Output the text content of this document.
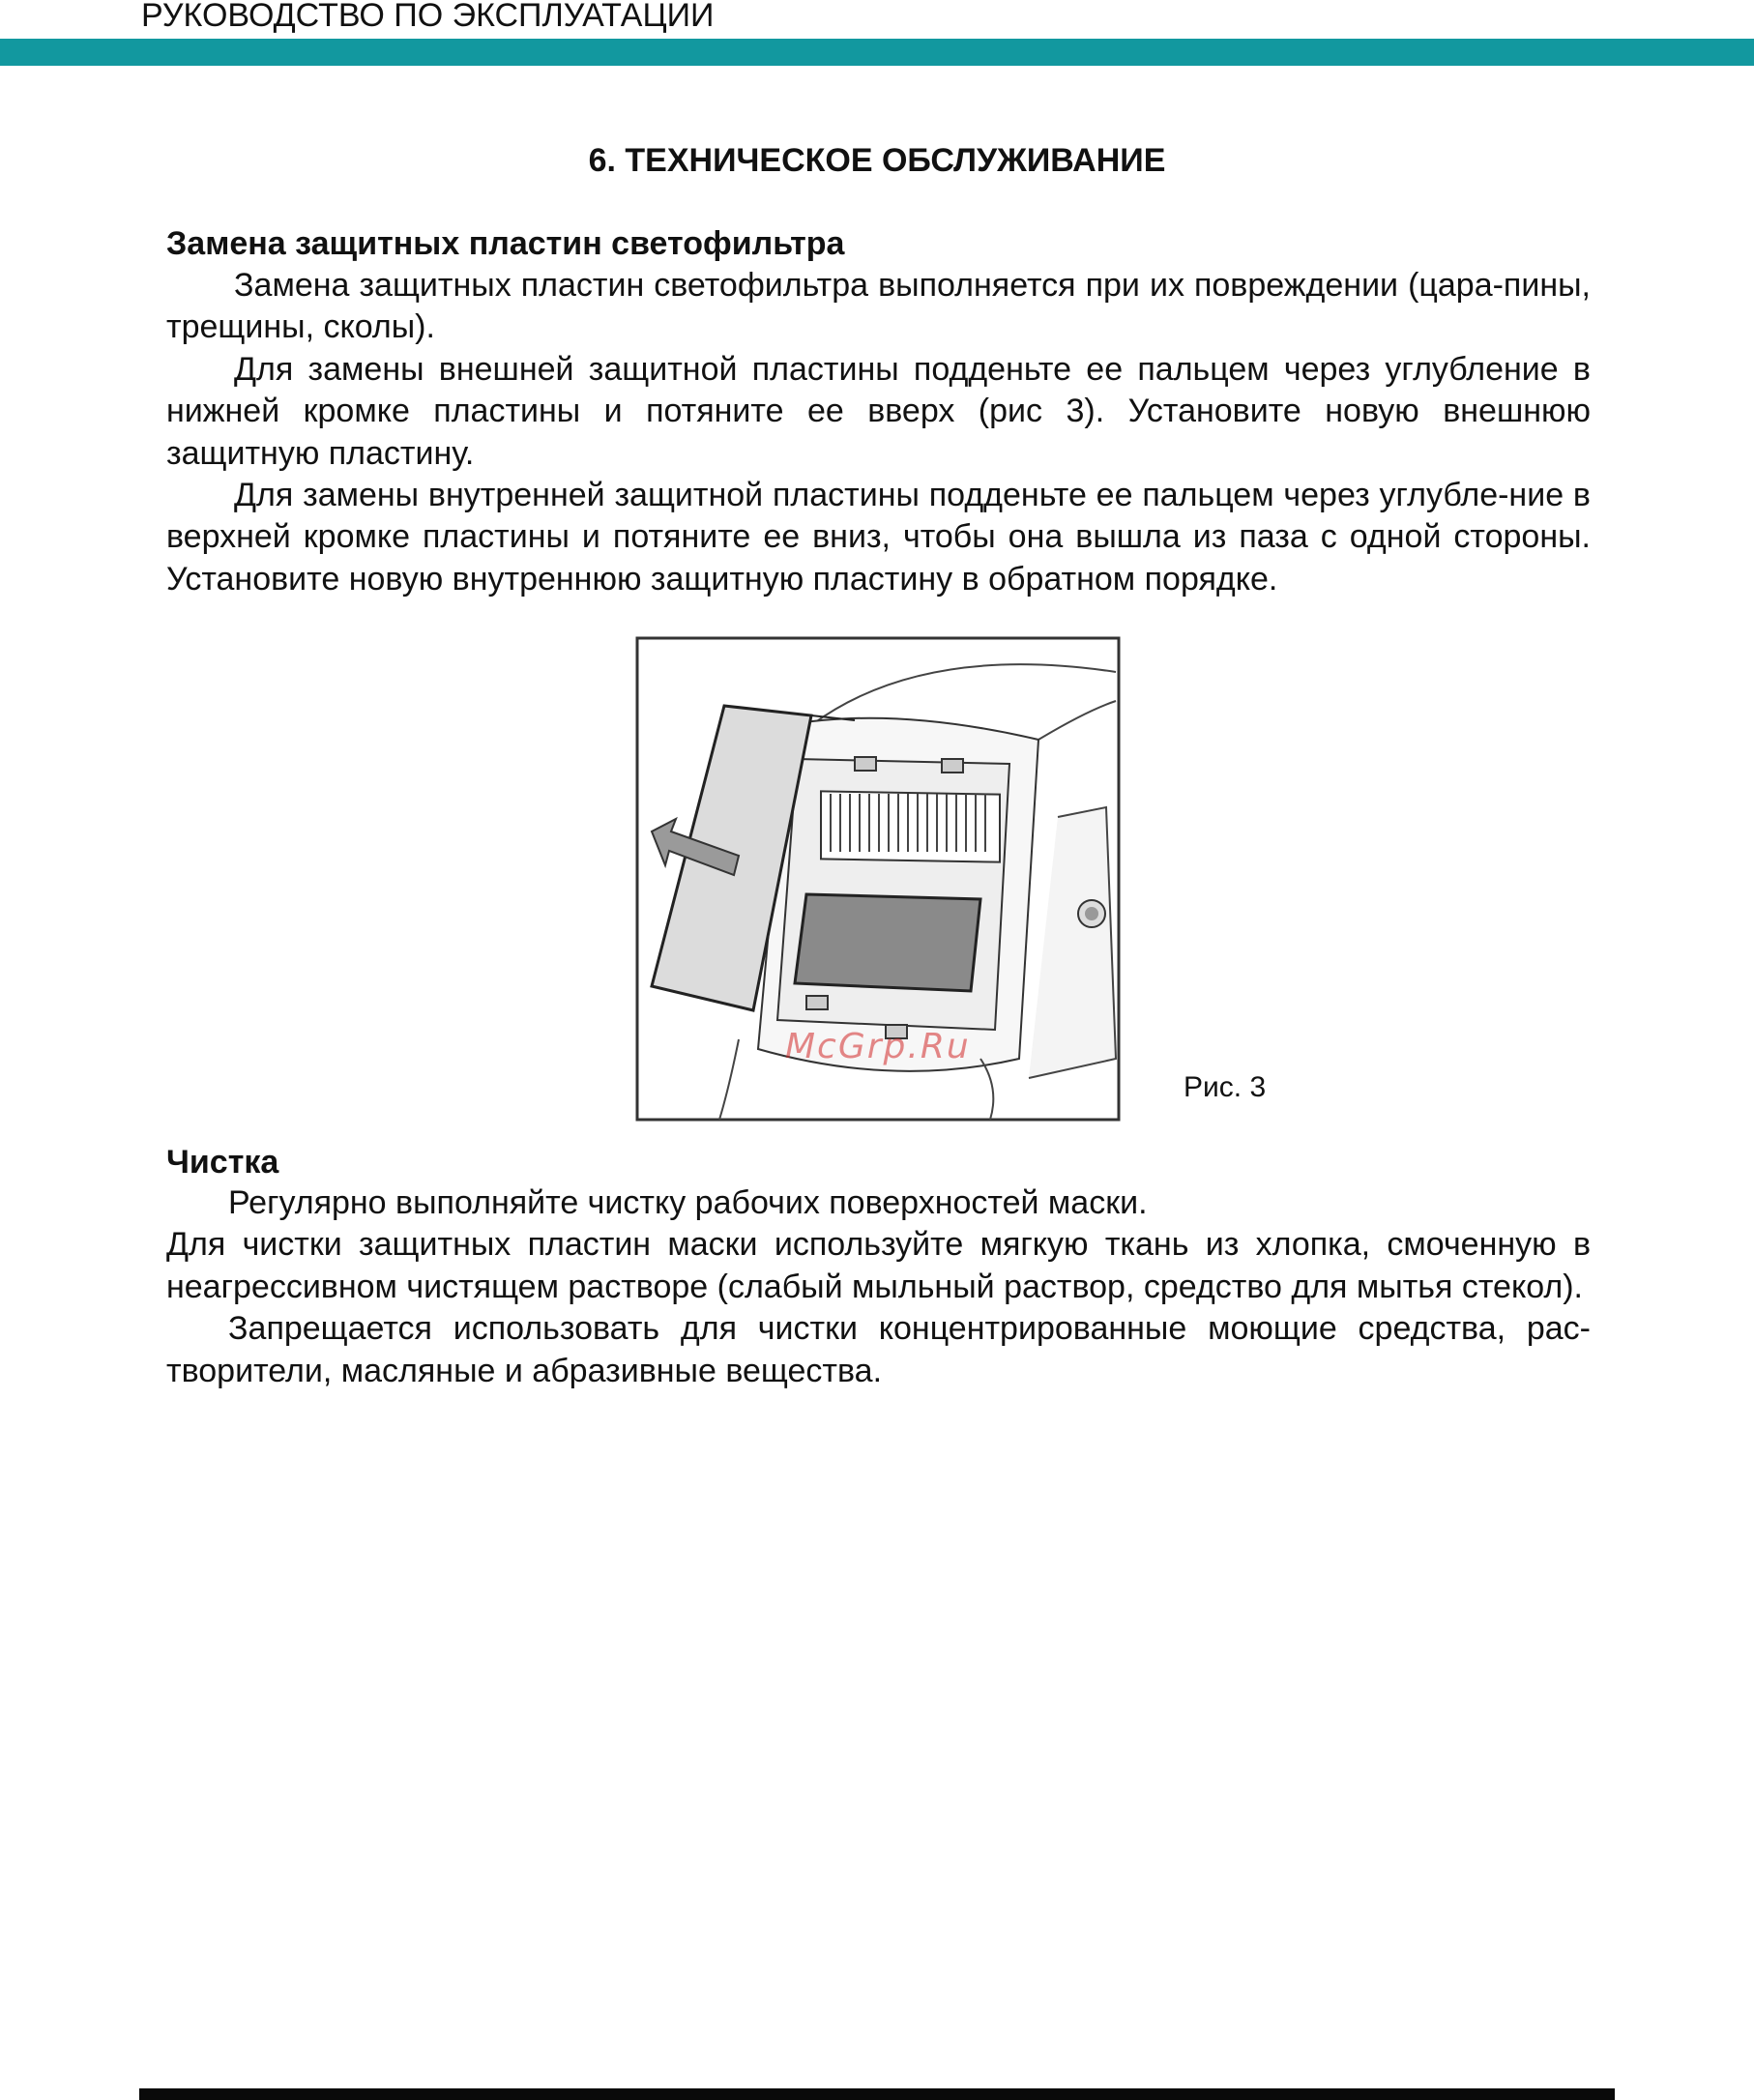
РУКОВОДСТВО ПО ЭКСПЛУАТАЦИИ
6. ТЕХНИЧЕСКОЕ ОБСЛУЖИВАНИЕ
Замена защитных пластин светофильтра

Замена защитных пластин светофильтра выполняется при их повреждении (цара-пины, трещины, сколы).

Для замены внешней защитной пластины подденьте ее пальцем через углубление в нижней кромке пластины и потяните ее вверх (рис 3). Установите новую внешнюю защитную пластину.

Для замены внутренней защитной пластины подденьте ее пальцем через углубле-ние в верхней кромке пластины и потяните ее вниз, чтобы она вышла из паза с одной стороны. Установите новую внутреннюю защитную пластину в обратном порядке.

McGrp.Ru
Рис. 3
Чистка

Регулярно выполняйте чистку рабочих поверхностей маски.

Для чистки защитных пластин маски используйте мягкую ткань из хлопка, смоченную в неагрессивном чистящем растворе (слабый мыльный раствор, средство для мытья стекол).

Запрещается использовать для чистки концентрированные моющие средства, рас-творители, масляные и абразивные вещества.
